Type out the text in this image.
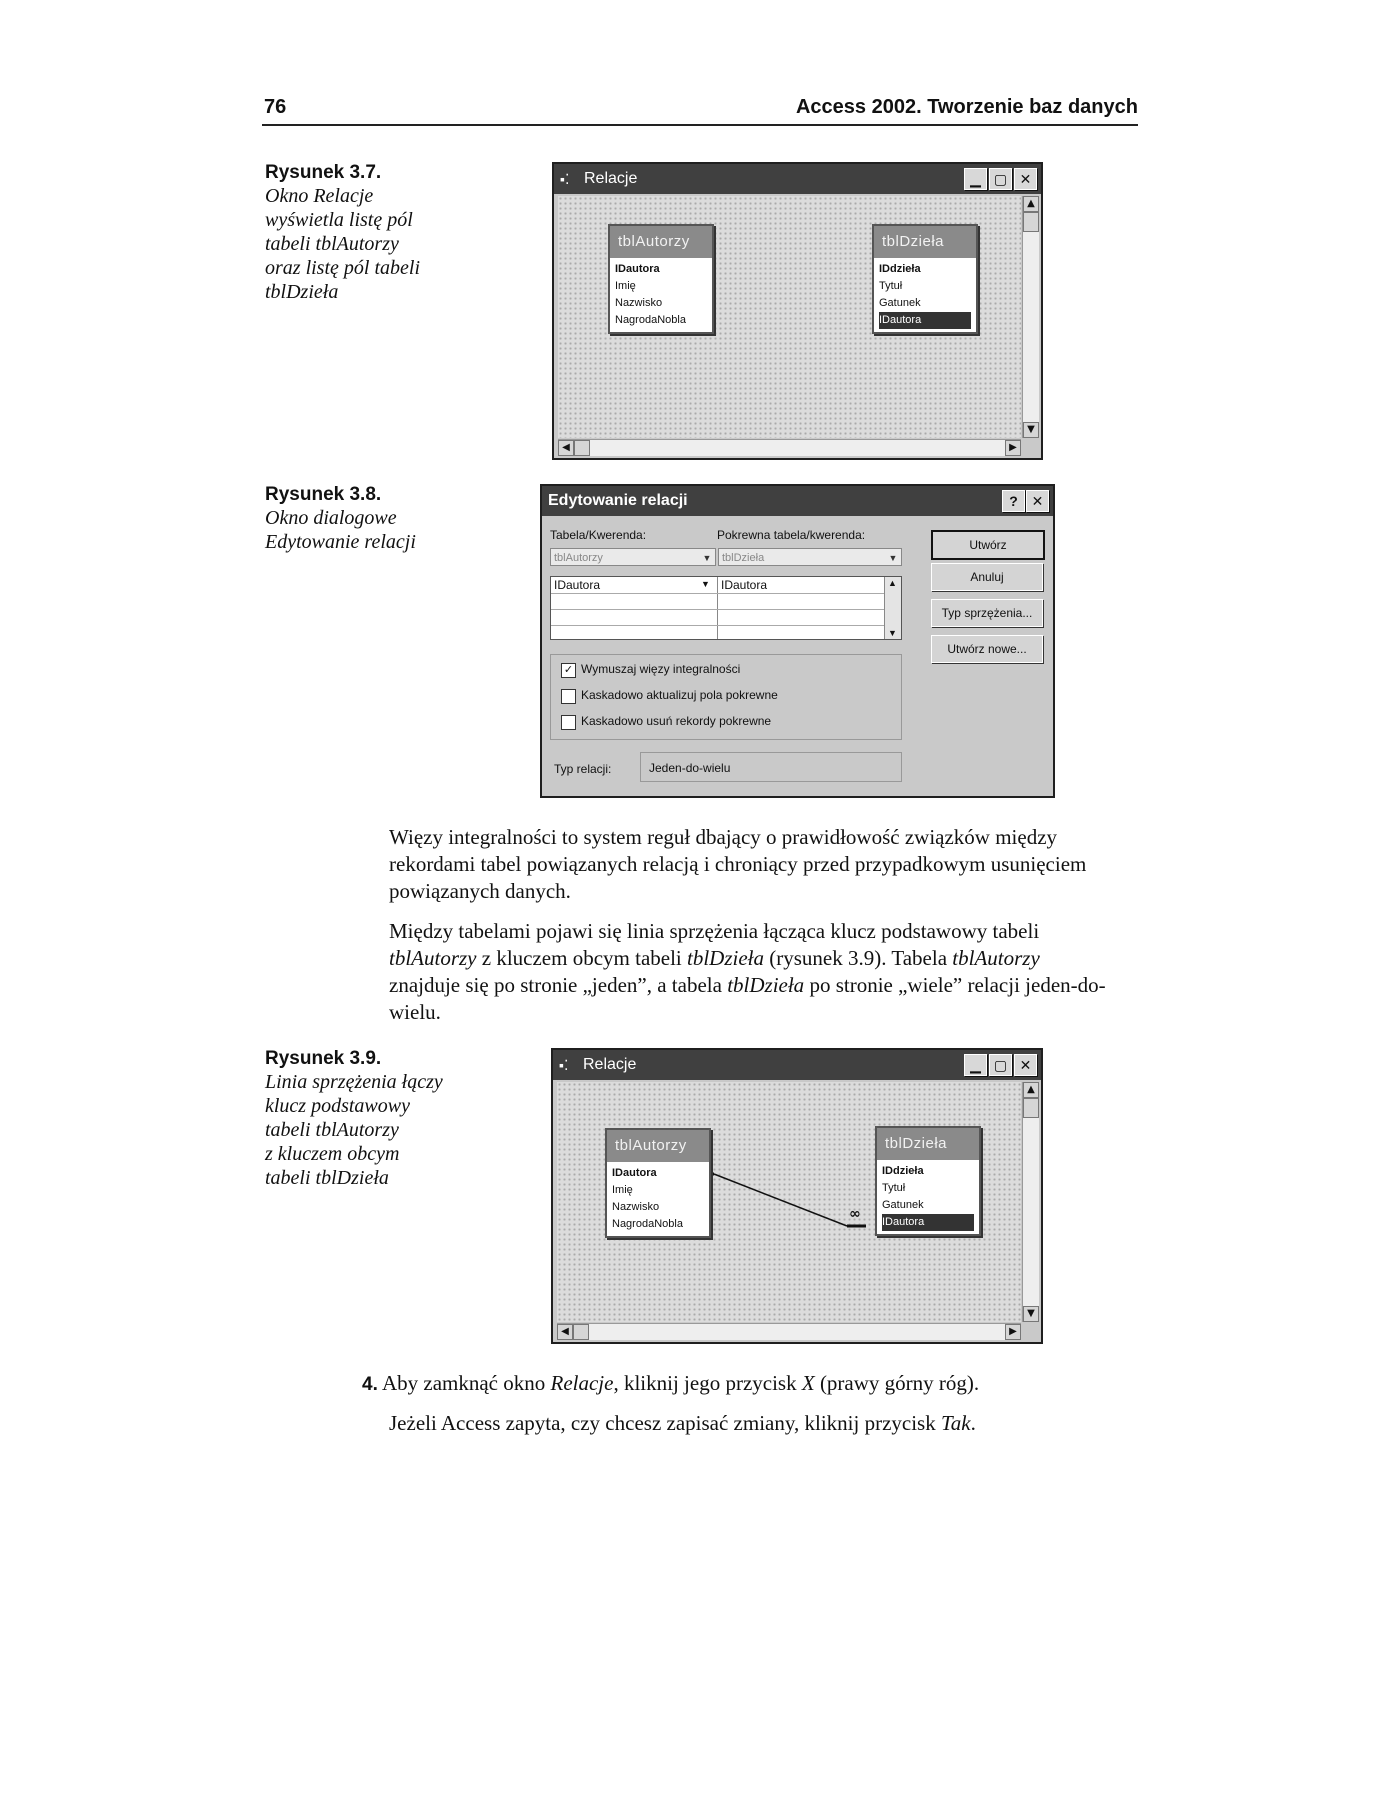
76	Access 2002. Tworzenie baz danych
Rysunek 3.7.
Okno Relacje
wyświetla listę pól
tabeli tblAutorzy
oraz listę pól tabeli
tblDzieła
▪⁚ Relacje	▁ ▢ ✕
tblAutorzy
IDautora
Imię
Nazwisko
NagrodaNobla
tblDzieła
IDdzieła
Tytuł
Gatunek
IDautora
▲
▼
◀	▶
Rysunek 3.8.
Okno dialogowe
Edytowanie relacji
Edytowanie relacji	? ✕
Tabela/Kwerenda:	Pokrewna tabela/kwerenda:
tblAutorzy	▼ tblDzieła	▼
IDautora	▼ IDautora	▲
▼
Utwórz
Anuluj
Typ sprzężenia...
Utwórz nowe...
✓ Wymuszaj więzy integralności
Kaskadowo aktualizuj pola pokrewne
Kaskadowo usuń rekordy pokrewne
Typ relacji:	Jeden-do-wielu
Więzy integralności to system reguł dbający o prawidłowość związków między rekordami tabel powiązanych relacją i chroniący przed przypadkowym usunięciem powiązanych danych.
Między tabelami pojawi się linia sprzężenia łącząca klucz podstawowy tabeli tblAutorzy z kluczem obcym tabeli tblDzieła (rysunek 3.9). Tabela tblAutorzy znajduje się po stronie „jeden”, a tabela tblDzieła po stronie „wiele” relacji jeden-do-wielu.
Rysunek 3.9.
Linia sprzężenia łączy
klucz podstawowy
tabeli tblAutorzy
z kluczem obcym
tabeli tblDzieła
▪⁚ Relacje	▁ ▢ ✕
∞
tblAutorzy
IDautora
Imię
Nazwisko
NagrodaNobla
tblDzieła
IDdzieła
Tytuł
Gatunek
IDautora
▲
▼
◀	▶
4. Aby zamknąć okno Relacje, kliknij jego przycisk X (prawy górny róg).
Jeżeli Access zapyta, czy chcesz zapisać zmiany, kliknij przycisk Tak.
